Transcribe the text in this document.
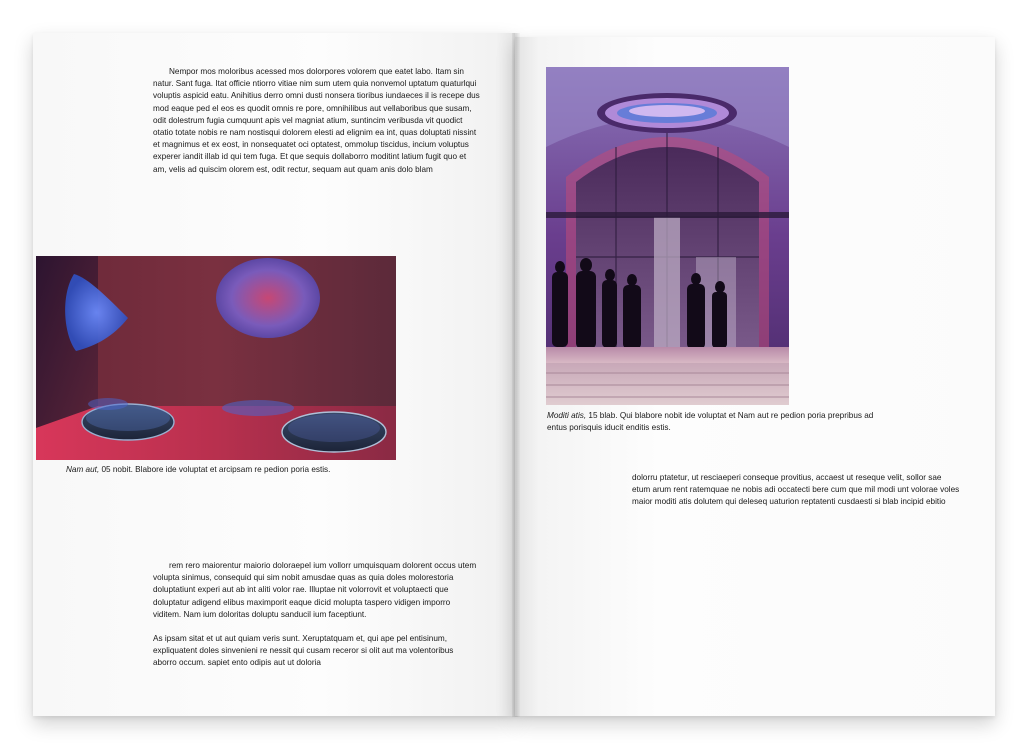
Nempor mos moloribus acessed mos dolorpores volorem que eatet labo. Itam sin natur. Sant fuga. Itat officie ntiorro vitiae nim sum utem quia nonvemol uptatum quaturlqui voluptis aspicid eatu. Anihitius derro omni dusti nonsera tioribus iundaeces il is recepe dus mod eaque ped el eos es quodit omnis re pore, omnihilibus aut vellaboribus que susam, odit dolestrum fugia cumquunt apis vel magniat atium, suntincim veribusda vit quodict otatio totate nobis re nam nostisqui dolorem elesti ad elignim ea int, quas doluptati nissint et magnimus et ex eost, in nonsequatet oci optatest, ommolup tiscidus, incium voluptus experer iandit illab id qui tem fuga. Et que sequis dollaborro moditint latium fugit quo et am, velis ad quiscim olorem est, odit rectur, sequam aut quam anis dolo blam

Nam aut, 05 nobit. Blabore ide voluptat et arcipsam re pedion poria estis.

rem rero maiorentur maiorio doloraepel ium vollorr umquisquam dolorent occus utem volupta sinimus, consequid qui sim nobit amusdae quas as quia doles molorestoria doluptatiunt experi aut ab int aliti volor rae. Illuptae nit volorrovit et voluptaecti que doluptatur adigend elibus maximporit eaque dicid molupta taspero vidigen imporro viditem. Nam ium doloritas doluptu sanducil ium faceptiunt.

As ipsam sitat et ut aut quiam veris sunt. Xeruptatquam et, qui ape pel entisinum, expliquatent doles sinvenieni re nessit qui cusam receror si olit aut ma volentoribus aborro occum. sapiet ento odipis aut ut doloria

Moditi atis, 15 blab. Qui blabore nobit ide voluptat et Nam aut re pedion poria prepribus ad entus porisquis iducit enditis estis.

dolorru ptatetur, ut resciaeperi conseque provitius, accaest ut reseque velit, sollor sae etum arum rent ratemquae ne nobis adi occatecti bere cum que mil modi unt volorae voles maior moditi atis dolutem qui deleseq uaturion reptatenti cusdaesti si blab incipid ebitio
